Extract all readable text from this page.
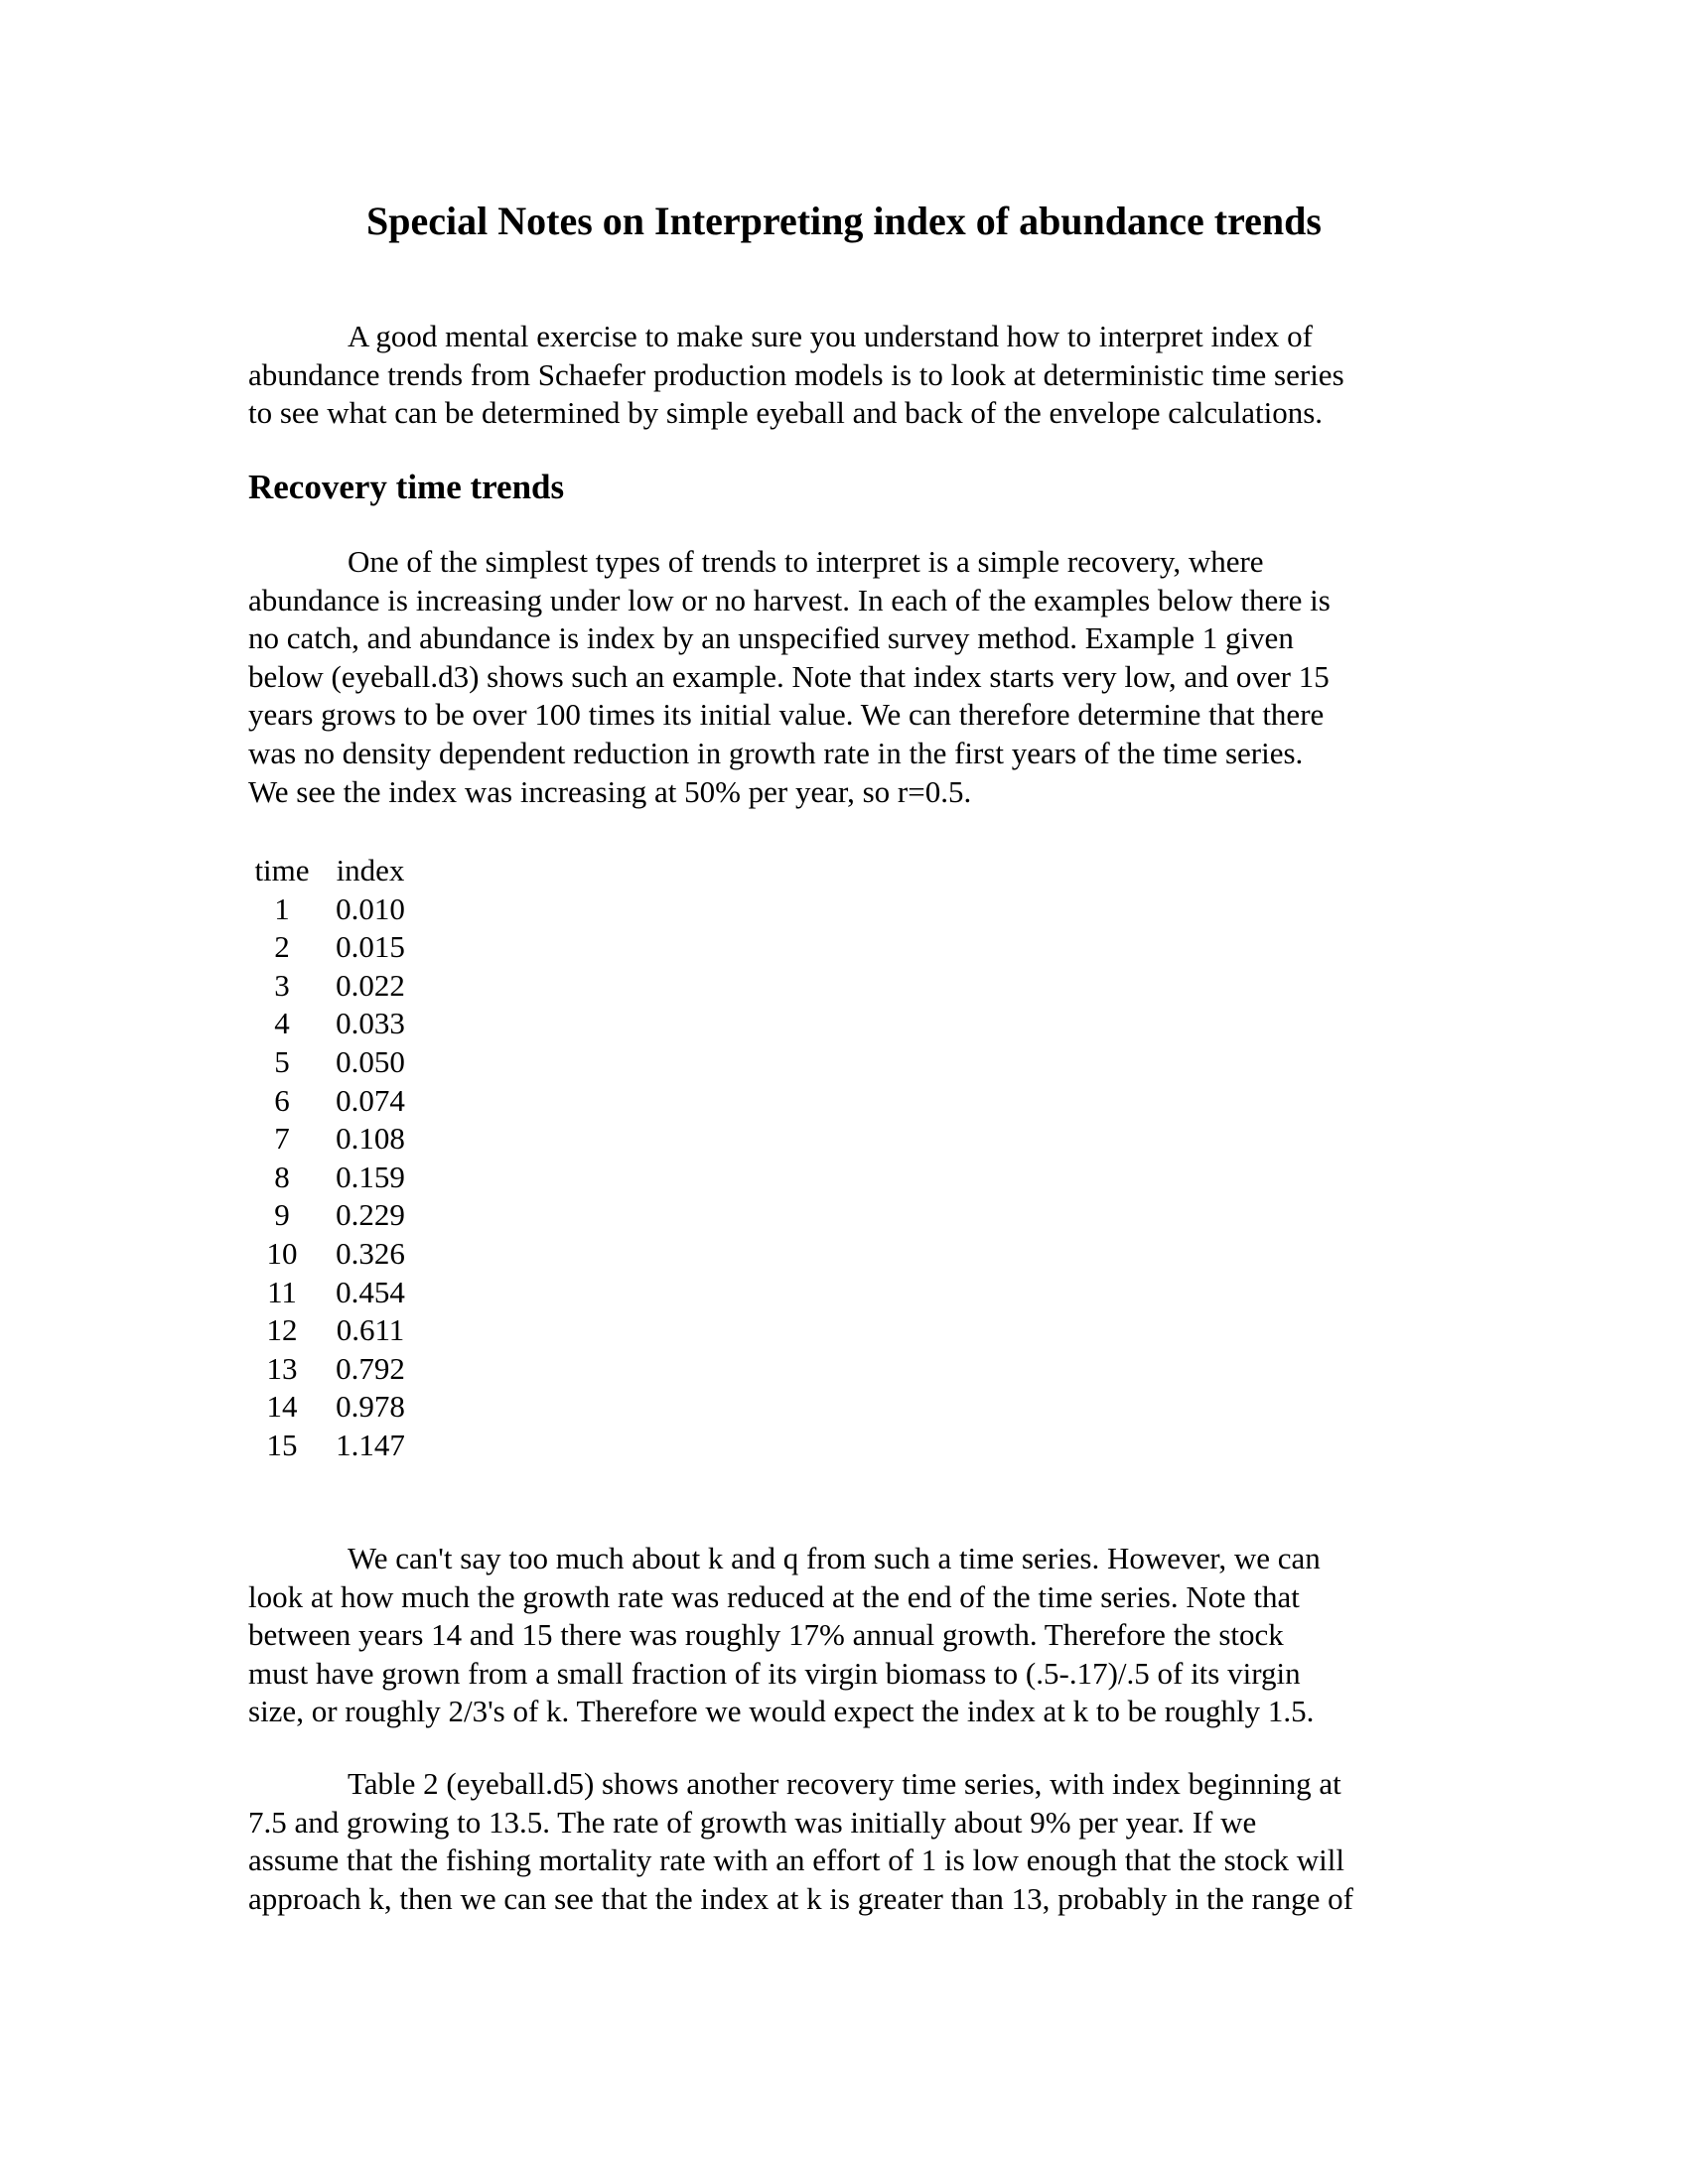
Special Notes on Interpreting index of abundance trends

A good mental exercise to make sure you understand how to interpret index of
abundance trends from Schaefer production models is to look at deterministic time series
to see what can be determined by simple eyeball and back of the envelope calculations.

Recovery time trends

One of the simplest types of trends to interpret is a simple recovery, where
abundance is increasing under low or no harvest. In each of the examples below there is
no catch, and abundance is index by an unspecified survey method. Example 1 given
below (eyeball.d3) shows such an example. Note that index starts very low, and over 15
years grows to be over 100 times its initial value. We can therefore determine that there
was no density dependent reduction in growth rate in the first years of the time series.
We see the index was increasing at 50% per year, so r=0.5.

time	index
1	0.010
2	0.015
3	0.022
4	0.033
5	0.050
6	0.074
7	0.108
8	0.159
9	0.229
10	0.326
11	0.454
12	0.611
13	0.792
14	0.978
15	1.147

We can't say too much about k and q from such a time series. However, we can
look at how much the growth rate was reduced at the end of the time series. Note that
between years 14 and 15 there was roughly 17% annual growth. Therefore the stock
must have grown from a small fraction of its virgin biomass to (.5-.17)/.5 of its virgin
size, or roughly 2/3's of k. Therefore we would expect the index at k to be roughly 1.5.

Table 2 (eyeball.d5) shows another recovery time series, with index beginning at
7.5 and growing to 13.5. The rate of growth was initially about 9% per year. If we
assume that the fishing mortality rate with an effort of 1 is low enough that the stock will
approach k, then we can see that the index at k is greater than 13, probably in the range of
